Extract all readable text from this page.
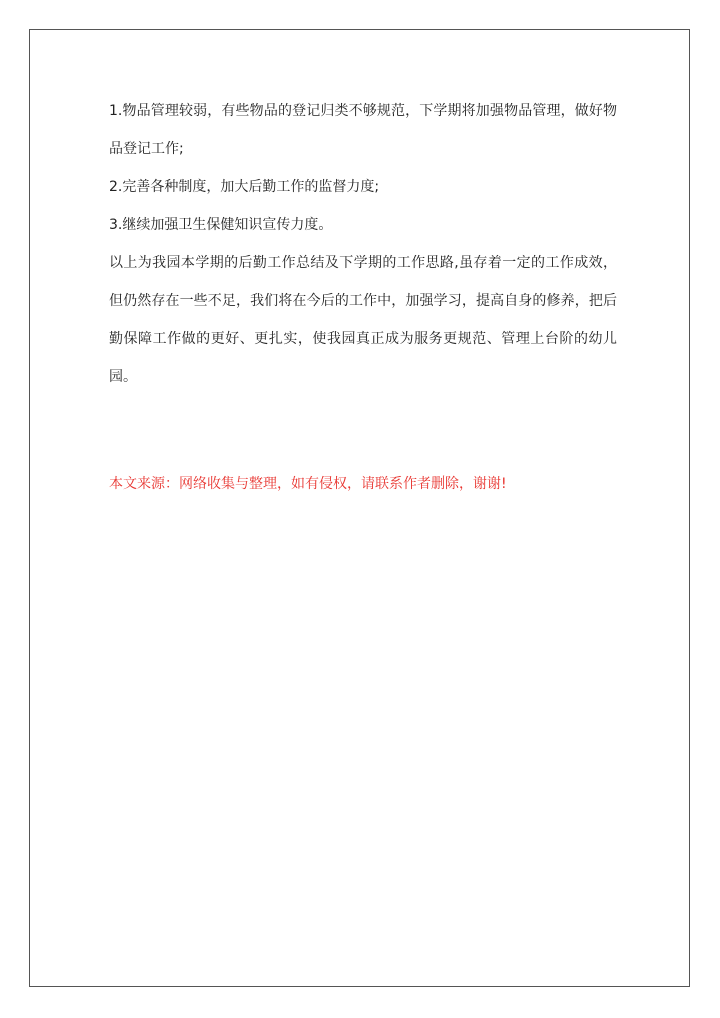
1.物品管理较弱，有些物品的登记归类不够规范，下学期将加强物品管理，做好物品登记工作;

2.完善各种制度，加大后勤工作的监督力度;

3.继续加强卫生保健知识宣传力度。

以上为我园本学期的后勤工作总结及下学期的工作思路,虽存着一定的工作成效，但仍然存在一些不足，我们将在今后的工作中，加强学习，提高自身的修养，把后勤保障工作做的更好、更扎实，使我园真正成为服务更规范、管理上台阶的幼儿园。

本文来源：网络收集与整理，如有侵权，请联系作者删除，谢谢!
